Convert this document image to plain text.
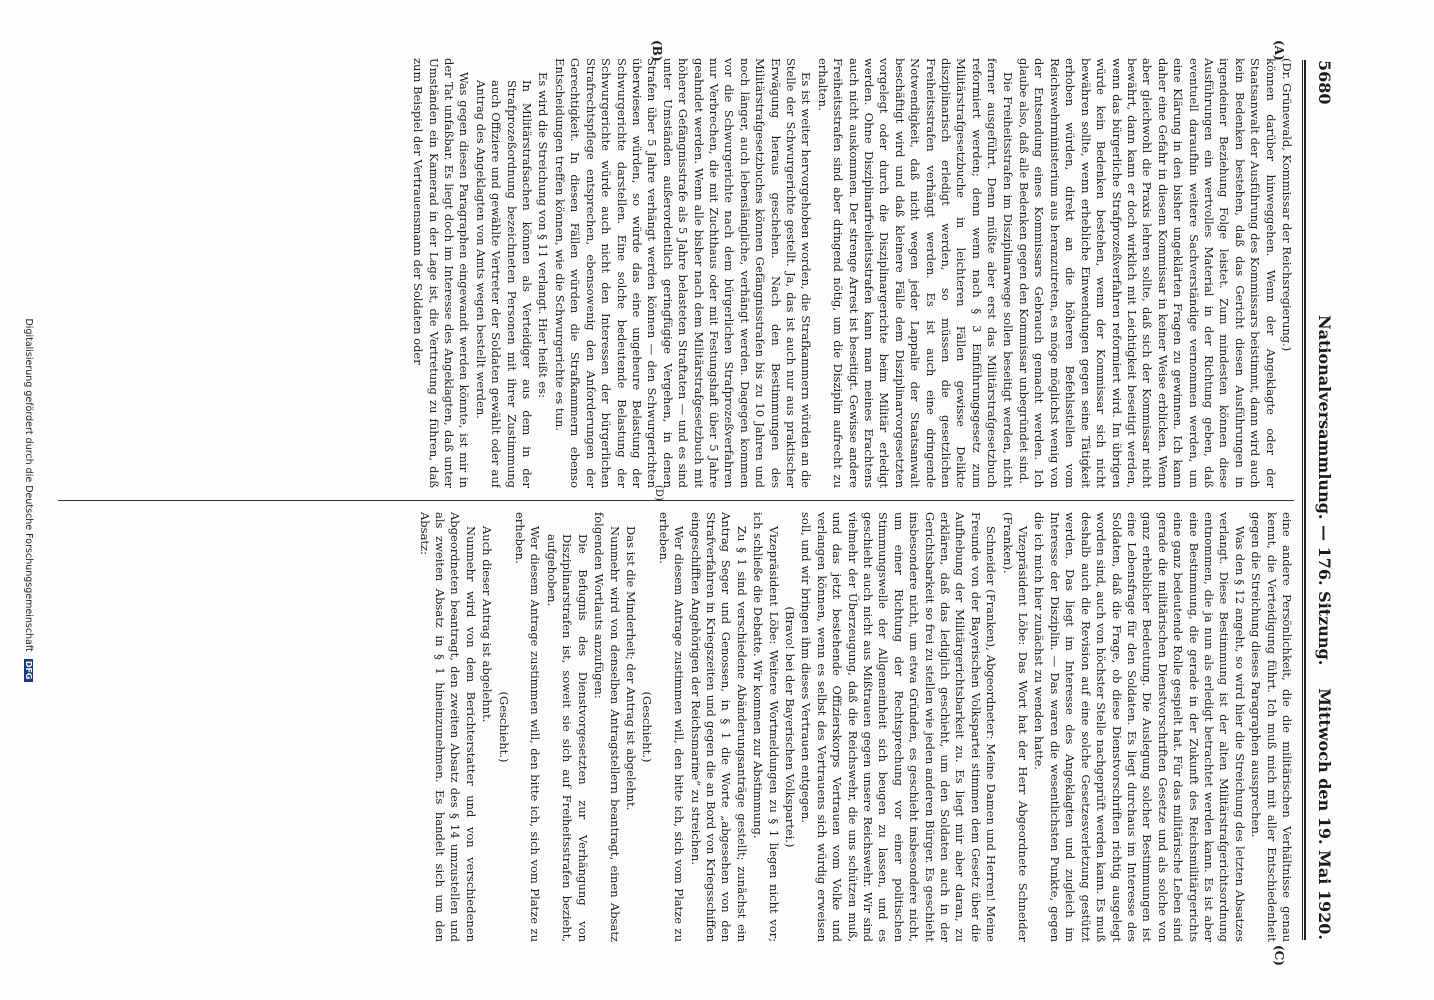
5680
Nationalversammlung. — 176. Sitzung.
Mittwoch den 19. Mai 1920.
(A)
(B)
(C)
(D)

(Dr. Grünewald, Kommissar der Reichsregierung.)

können darüber hinweggehen. Wenn der Angeklagte oder der Staatsanwalt der Ausführung des Kommissars beistimmt, dann wird auch kein Bedenken bestehen, daß das Gericht diesen Ausführungen in irgendeiner Beziehung Folge leistet. Zum mindesten können diese Ausführungen ein wertvolles Material in der Richtung geben, daß eventuell daraufhin weitere Sachverständige vernommen werden, um eine Klärung in den bisher ungeklärten Fragen zu gewinnen. Ich kann daher eine Gefahr in diesem Kommissar in keiner Weise erblicken. Wenn aber gleichwohl die Praxis lehren sollte, daß sich der Kommissar nicht bewährt, dann kann er doch wirklich mit Leichtigkeit beseitigt werden, wenn das bürgerliche Strafprozeßverfahren reformiert wird. Im übrigen würde kein Bedenken bestehen, wenn der Kommissar sich nicht bewähren sollte, wenn erhebliche Einwendungen gegen seine Tätigkeit erhoben würden, direkt an die höheren Befehlsstellen vom Reichswehrministerium aus heranzutreten, es möge möglichst wenig von der Entsendung eines Kommissars Gebrauch gemacht werden. Ich glaube also, daß alle Bedenken gegen den Kommissar unbegründet sind.

Die Freiheitsstrafen im Disziplinarwege sollen beseitigt werden, nicht ferner ausgeführt. Denn müßte aber erst das Militärstrafgesetzbuch reformiert werden; denn wenn nach § 3 Einführungsgesetz zum Militärstrafgesetzbuche in leichteren Fällen gewisse Delikte disziplinarisch erledigt werden, so müssen die gesetzlichen Freiheitsstrafen verhängt werden. Es ist auch eine dringende Notwendigkeit, daß nicht wegen jeder Lappalie der Staatsanwalt beschäftigt wird und daß kleinere Fälle dem Disziplinarvorgesetzten vorgelegt oder durch die Disziplinargerichte beim Militär erledigt werden. Ohne Disziplinarfreiheitsstrafen kann man meines Erachtens auch nicht auskommen. Der strenge Arrest ist beseitigt. Gewisse andere Freiheitsstrafen sind aber dringend nötig, um die Disziplin aufrecht zu erhalten.

Es ist weiter hervorgehoben worden, die Strafkammern würden an die Stelle der Schwurgerichte gestellt. Ja, das ist auch nur aus praktischer Erwägung heraus geschehen. Nach den Bestimmungen des Militärstrafgesetzbuches können Gefängnisstrafen bis zu 10 Jahren und noch länger, auch lebenslängliche, verhängt werden. Dagegen kommen vor die Schwurgerichte nach dem bürgerlichen Strafprozeßverfahren nur Verbrechen, die mit Zuchthaus oder mit Festungshaft über 5 Jahre geahndet werden. Wenn alle bisher nach dem Militärstrafgesetzbuch mit höherer Gefängnisstrafe als 5 Jahre belasteten Straftaten — und es sind unter Umständen außerordentlich geringfügige Vergehen, in denen Strafen über 5 Jahre verhängt werden können — den Schwurgerichten überwiesen würden, so würde das eine ungeheure Belastung der Schwurgerichte darstellen. Eine solche bedeutende Belastung der Schwurgerichte würde auch nicht den Interessen der bürgerlichen Strafrechtspflege entsprechen, ebensowenig den Anforderungen der Gerechtigkeit. In diesen Fällen würden die Strafkammern ebenso Entscheidungen treffen können, wie die Schwurgerichte es tun.

Es wird die Streichung von § 11 verlangt. Hier heißt es:

In Militärstrafsachen können als Verteidiger aus dem in der Strafprozeßordnung bezeichneten Personen mit ihrer Zustimmung auch Offiziere und gewählte Vertreter der Soldaten gewählt oder auf Antrag des Angeklagten von Amts wegen bestellt werden.

Was gegen diesen Paragraphen eingewandt werden könnte, ist mir in der Tat unfaßbar. Es liegt doch im Interesse des Angeklagten, daß unter Umständen ein Kamerad in der Lage ist, die Vertretung zu führen, daß zum Beispiel der Vertrauensmann der Soldaten oder

eine andere Persönlichkeit, die die militärischen Verhältnisse genau kennt, die Verteidigung führt. Ich muß mich mit aller Entschiedenheit gegen die Streichung dieses Paragraphen aussprechen.

Was den § 12 angeht, so wird hier die Streichung des letzten Absatzes verlangt. Diese Bestimmung ist der alten Militärstrafgerichtsordnung entnommen, die ja nun als erledigt betrachtet werden kann. Es ist aber eine Bestimmung, die gerade in der Zukunft des Reichsmilitärgerichts eine ganz bedeutende Rolle gespielt hat. Für das militärische Leben sind gerade die militärischen Dienstvorschriften Gesetze und als solche von ganz erheblicher Bedeutung. Die Auslegung solcher Bestimmungen ist eine Lebensfrage für den Soldaten. Es liegt durchaus im Interesse des Soldaten, daß die Frage, ob diese Dienstvorschriften richtig ausgelegt worden sind, auch von höchster Stelle nachgeprüft werden kann. Es muß deshalb auch die Revision auf eine solche Gesetzesverletzung gestützt werden. Das liegt im Interesse des Angeklagten und zugleich im Interesse der Disziplin. — Das waren die wesentlichsten Punkte, gegen die ich mich hier zunächst zu wenden hatte.

Vizepräsident Löbe: Das Wort hat der Herr Abgeordnete Schneider (Franken).

Schneider (Franken), Abgeordneter: Meine Damen und Herren! Meine Freunde von der Bayerischen Volkspartei stimmen dem Gesetz über die Aufhebung der Militärgerichtsbarkeit zu. Es liegt mir aber daran, zu erklären, daß das lediglich geschieht, um den Soldaten auch in der Gerichtsbarkeit so frei zu stellen wie jeden anderen Bürger. Es geschieht insbesondere nicht, um etwa Gründen, es geschieht insbesondere nicht, um einer Richtung der Rechtsprechung vor einer politischen Stimmungswelle der Allgemeinheit sich beugen zu lassen, und es geschieht auch nicht aus Mißtrauen gegen unsere Reichswehr. Wir sind vielmehr der Überzeugung, daß die Reichswehr, die uns schützen muß, und das jetzt bestehende Offizierskorps Vertrauen vom Volke und verlangen können, wenn es selbst des Vertrauens sich würdig erweisen soll, und wir bringen ihm dieses Vertrauen entgegen.

(Bravo! bei der Bayerischen Volkspartei.)

Vizepräsident Löbe: Weitere Wortmeldungen zu § 1 liegen nicht vor; ich schließe die Debatte. Wir kommen zur Abstimmung.

Zu § 1 sind verschiedene Abänderungsanträge gestellt; zunächst ein Antrag Seger und Genossen, in § 1 die Worte „abgesehen von den Strafverfahren in Kriegszeiten und gegen die an Bord von Kriegsschiffen eingeschifften Angehörigen der Reichsmarine“ zu streichen.

Wer diesem Antrage zustimmen will, den bitte ich, sich vom Platze zu erheben.

(Geschieht.)

Das ist die Minderheit; der Antrag ist abgelehnt.

Nunmehr wird von denselben Antragstellern beantragt, einen Absatz folgenden Wortlauts anzufügen:

Die Befugnis des Dienstvorgesetzten zur Verhängung von Disziplinarstrafen ist, soweit sie sich auf Freiheitsstrafen bezieht, aufgehoben.

Wer diesem Antrage zustimmen will, den bitte ich, sich vom Platze zu erheben.

(Geschieht.)

Auch dieser Antrag ist abgelehnt.

Nunmehr wird von dem Berichterstatter und von verschiedenen Abgeordneten beantragt, den zweiten Absatz des § 14 umzustellen und als zweiten Absatz in § 1 hineinzunehmen. Es handelt sich um den Absatz:

Digitalisierung gefördert durch die Deutsche Forschungsgemeinschaft DFG
